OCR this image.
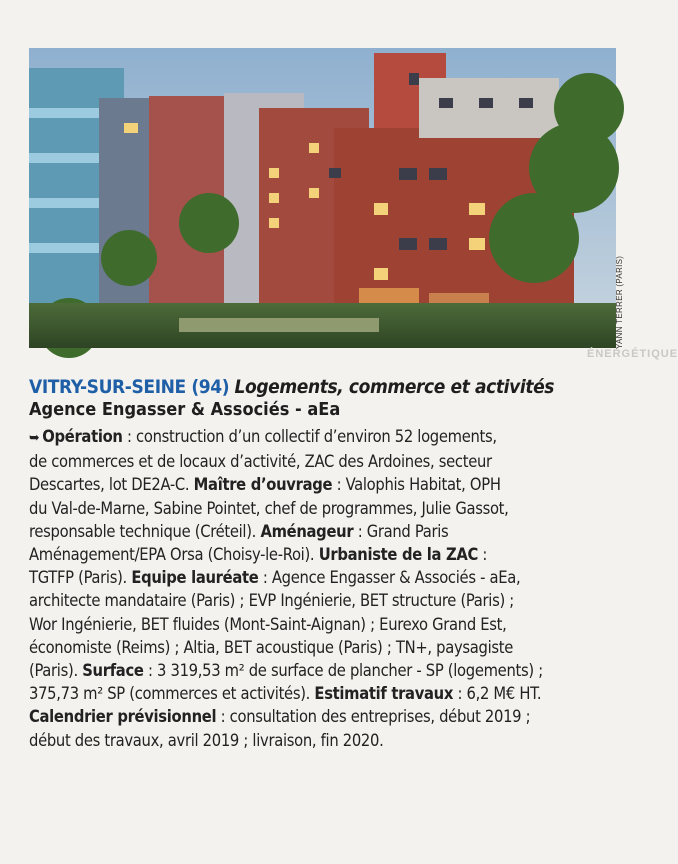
YANN TERRER (PARIS)
ÉNERGÉTIQUE
VITRY-SUR-SEINE (94) Logements, commerce et activités
Agence Engasser & Associés - aEa
➥ Opération : construction d’un collectif d’environ 52 logements,
de commerces et de locaux d’activité, ZAC des Ardoines, secteur
Descartes, lot DE2A-C. Maître d’ouvrage : Valophis Habitat, OPH
du Val-de-Marne, Sabine Pointet, chef de programmes, Julie Gassot,
responsable technique (Créteil). Aménageur : Grand Paris
Aménagement/EPA Orsa (Choisy-le-Roi). Urbaniste de la ZAC :
TGTFP (Paris). Equipe lauréate : Agence Engasser & Associés - aEa,
architecte mandataire (Paris) ; EVP Ingénierie, BET structure (Paris) ;
Wor Ingénierie, BET fluides (Mont-Saint-Aignan) ; Eurexo Grand Est,
économiste (Reims) ; Altia, BET acoustique (Paris) ; TN+, paysagiste
(Paris). Surface : 3 319,53 m² de surface de plancher - SP (logements) ;
375,73 m² SP (commerces et activités). Estimatif travaux : 6,2 M€ HT.
Calendrier prévisionnel : consultation des entreprises, début 2019 ;
début des travaux, avril 2019 ; livraison, fin 2020.
